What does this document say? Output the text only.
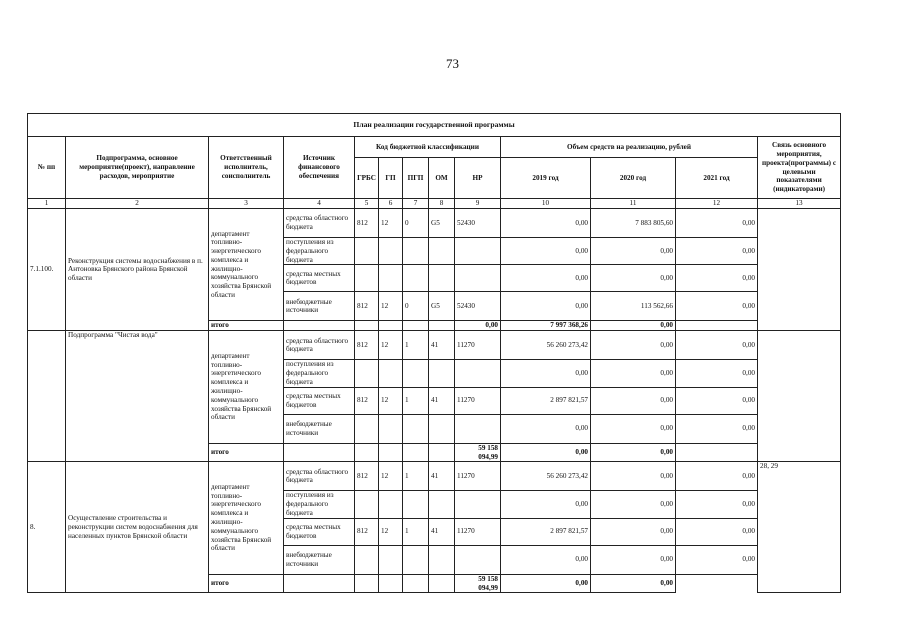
73
План реализации государственной программы												
№ пп	Подпрограмма, основное мероприятие(проект), направление расходов, мероприятие	Ответственный исполнитель, соисполнитель	Источник финансового обеспечения	Код бюджетной классификации					Объем средств на реализацию, рублей			Связь основного мероприятия, проекта(программы) с целевыми показателями (индикаторами)
				ГРБС	ГП	ПГП	ОМ	НР	2019 год	2020 год	2021 год	
1	2	3	4	5	6	7	8	9	10	11	12	13
7.1.100.	Реконструкция системы водоснабжения в п. Антоновка Брянского района Брянской области	департамент топливно-энергетического комплекса и жилищно-коммунального хозяйства Брянской области	средства областного бюджета	812	12	0	G5	52430	0,00	7 883 805,60	0,00	
			поступления из федерального бюджета						0,00	0,00	0,00	
			средства местных бюджетов						0,00	0,00	0,00	
			внебюджетные источники	812	12	0	G5	52430	0,00	113 562,66	0,00	
		итого						0,00	7 997 368,26	0,00		
	Подпрограмма "Чистая вода"	департамент топливно-энергетического комплекса и жилищно-коммунального хозяйства Брянской области	средства областного бюджета	812	12	1	41	11270	56 260 273,42	0,00	0,00	
			поступления из федерального бюджета						0,00	0,00	0,00	
			средства местных бюджетов	812	12	1	41	11270	2 897 821,57	0,00	0,00	
			внебюджетные источники						0,00	0,00	0,00	
		итого						59 158 094,99	0,00	0,00		
8.	Осуществление строительства и реконструкции систем водоснабжения для населенных пунктов Брянской области	департамент топливно-энергетического комплекса и жилищно-коммунального хозяйства Брянской области	средства областного бюджета	812	12	1	41	11270	56 260 273,42	0,00	0,00	28, 29
			поступления из федерального бюджета						0,00	0,00	0,00	
			средства местных бюджетов	812	12	1	41	11270	2 897 821,57	0,00	0,00	
			внебюджетные источники						0,00	0,00	0,00	
		итого						59 158 094,99	0,00	0,00		
